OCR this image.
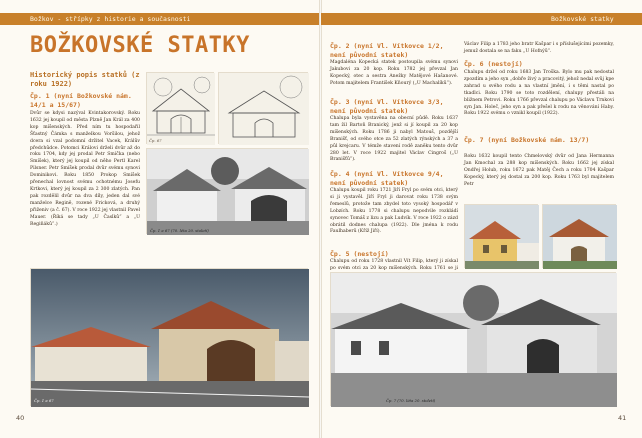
Božkov - střípky z historie a současnosti
BOŽKOVSKÉ STATKY
Historický popis statků (z roku 1922)
Čp. 1 (nyní Božkovské nám. 14/1 a 15/67)
Dvůr se kdysi nazýval Kvintakorovský. Roku 1632 jej koupil od města Plzně Jan Král za 400 kop míšenských. Před ním tu hospodařil Šťastný Čámka s manželkou Voršilou, jehož dcera si vzal podomní držitel Vacek, Králův předchůdce. Potomci Královi drželi dvůr až do roku 1704, kdy jej prodal Petr Smíčka (nebo Smíšek), který jej koupil od něho Pertl Karel Pilsner. Petr Smíšek prodal dvůr svému synovi Dominikovi. Roku 1850 Prokop Smíšek přenechal lovnost svému ochotnému Josefu Krtkovi, který jej koupil za 2 300 zlatých. Pan pak rozdělil dvůr na dva díly, jeden dal své manželce Regině, rozené Fricková, a druhý přiženiv (a č. 67). V roce 1922 jej vlastnil Pavel Mauer. (Říká se tady „U Časlků“ a „U Regiňáků“.)
Čp. 67
Čp. 1 a 67 (70. léta 20. století)
Čp. 1 a 67
40
Božkovské statky
Čp. 2 (nyní Vl. Vítkovce 1/2, není původní statek)
Magdaléna Kopecká statek postoupila svému synovi Jakubovi za 20 kop. Roku 1782 jej převzal Jan Kopecký, otec a sestra Anežky Matějové Hašanové. Potom majitelem František Kňourý („U Machalíků“).
Čp. 3 (nyní Vl. Vítkovce 3/3, není původní statek)
Chalupa byla vystavěna na obecní půdě. Roku 1637 tam žil Bartoň Branický, jenž si jí koupil za 20 kop míšenských. Roku 1786 ji nabyl Matouš, pozdější Branišť, od svého otce za 52 zlatých rýnských a 37 a půl krejcaru. V témže stavení rodě zaněku tento dvůr 280 let. V roce 1922 majitel Václav Cingroš („U Branišťů“).
Čp. 4 (nyní Vl. Vítkovce 9/4, není původní statek)
Chalupu koupil roku 1721 Jiří Fryl po svém otci, který si ji vystavěl. Jiří Fryl ji darovat roku 1738 svým řemeslů, protože tam zbydel toto vysoký hospodář v Lobzích. Roku 1778 si chalupu nepodvile rozkládí synovec Tomáš z lizu a pak Ludvík. V roce 1922 o zázd obrátil dodnes chalupa (1922). Dle jména k rodu Faulhaberů (Kříž Jiří).
Čp. 5 (nestojí)
Chalupu od roku 1728 vlastnil Vít Filip, který ji získal po svém otci za 20 kop míšenských. Roku 1761 se ji
Václav Filip a 1783 jeho bratr Kašpar i s příslušejícími pozemky, jemuž dostala se na faku „U Hofnýů“.
Čp. 6 (nestojí)
Chalupu držel od roku 1683 Jan Troška. Bylo mu pak nedostal zpozdím a jeho syn „dobře živý a pracovitý, jehož nedal svůj kpe zahrad u svého rodu a na vlastní jmění, i s těmi nastal po tkadlci. Roku 1790 se toto rozdělení, chalupy přestáli na bližnem Petrovi. Roku 1766 převzal chalupu po Václavu Trnkovi syn Jan. Holeč, jeho syn a pak přešel k rodu na věnování Haby. Roku 1922 svému o vznikl koupil (1922).
Čp. 7 (nyní Božkovské nám. 13/7)
Roku 1632 koupil tento Chmelovský dvůr od Jana Hermanna Jan Kmochal za 288 kop míšenských. Roku 1662 jej získal Ondřej Holub, roku 1672 pak Matěj Čech a roku 1704 Kašpar Kopecký, který jej dostal za 200 kop. Roku 1763 byl majitelem Petr
Čp. 7 (70. léta 20. století)
41
